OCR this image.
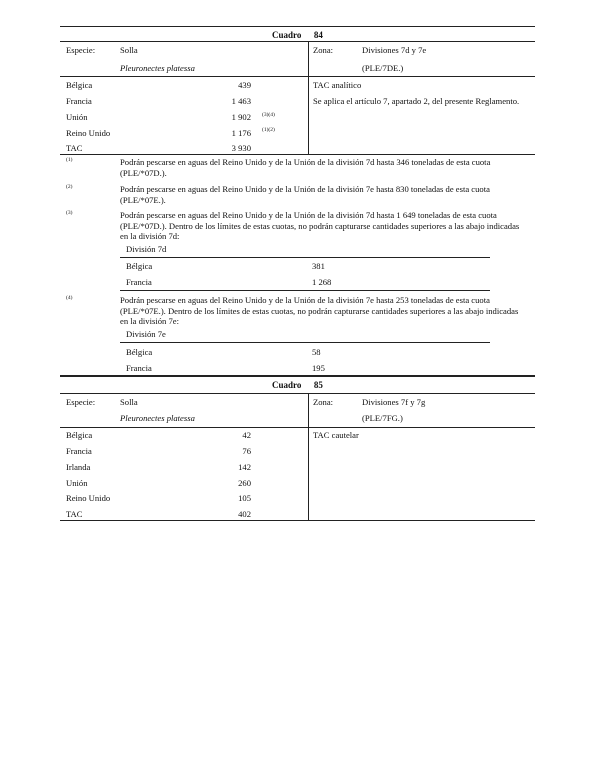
Cuadro 84
Especie:	Solla
Pleuronectes platessa
Zona:	Divisiones 7d y 7e
(PLE/7DE.)
Bélgica	439
Francia	1 463
Unión	1 902 (3)(4)
Reino Unido	1 176 (1)(2)
TAC	3 930
TAC analítico
Se aplica el artículo 7, apartado 2, del presente Reglamento.
(1)	Podrán pescarse en aguas del Reino Unido y de la Unión de la división 7d hasta 346 toneladas de esta cuota (PLE/*07D.).
(2)	Podrán pescarse en aguas del Reino Unido y de la Unión de la división 7e hasta 830 toneladas de esta cuota (PLE/*07E.).
(3)	Podrán pescarse en aguas del Reino Unido y de la Unión de la división 7d hasta 1 649 toneladas de esta cuota (PLE/*07D.). Dentro de los límites de estas cuotas, no podrán capturarse cantidades superiores a las abajo indicadas en la división 7d:
División 7d
Bélgica	381
Francia	1 268
(4)	Podrán pescarse en aguas del Reino Unido y de la Unión de la división 7e hasta 253 toneladas de esta cuota (PLE/*07E.). Dentro de los límites de estas cuotas, no podrán capturarse cantidades superiores a las abajo indicadas en la división 7e:
División 7e
Bélgica	58
Francia	195
Cuadro 85
Especie:	Solla
Pleuronectes platessa
Zona:	Divisiones 7f y 7g
(PLE/7FG.)
Bélgica	42
Francia	76
Irlanda	142
Unión	260
Reino Unido	105
TAC	402
TAC cautelar
